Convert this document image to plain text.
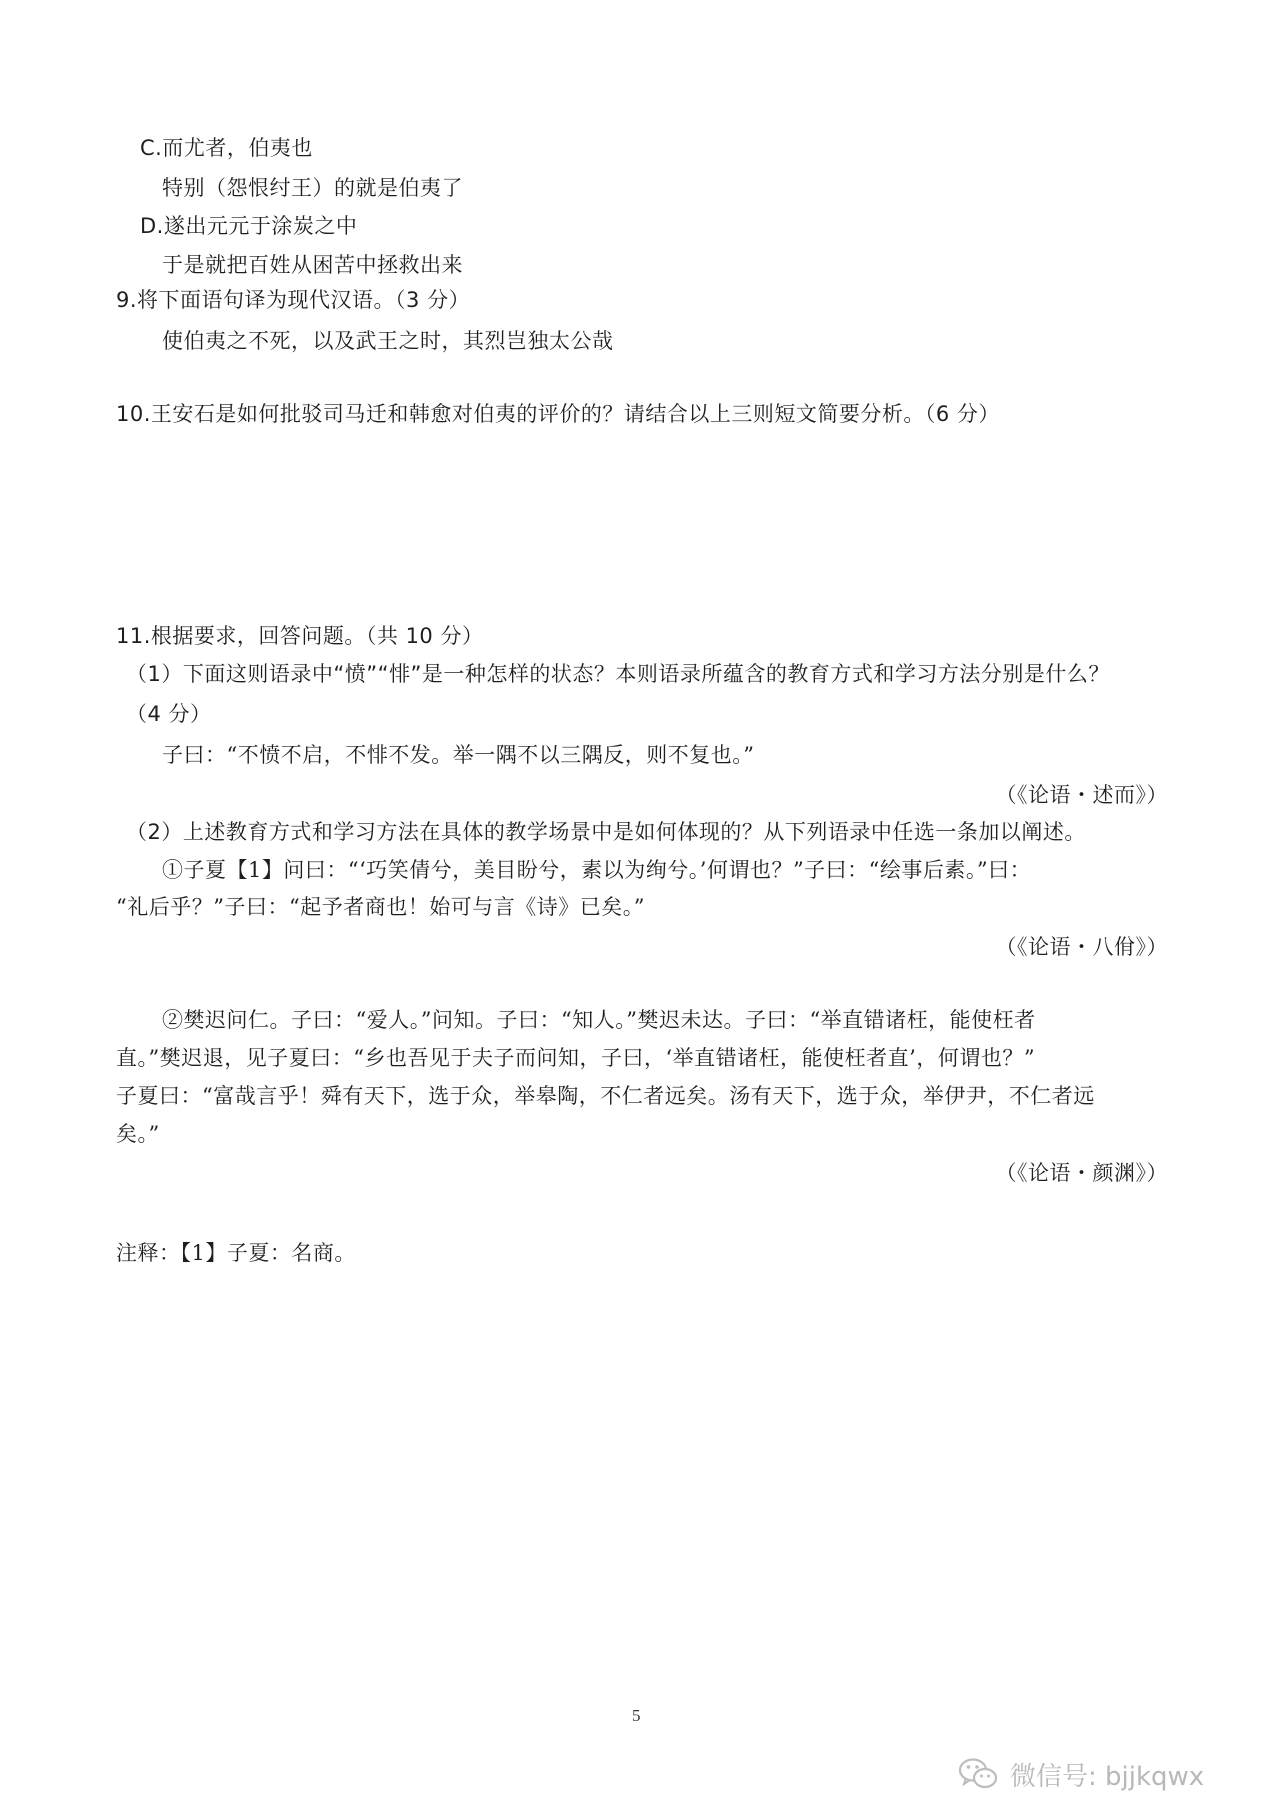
C.而尤者，伯夷也
特别（怨恨纣王）的就是伯夷了
D.遂出元元于涂炭之中
于是就把百姓从困苦中拯救出来
9.将下面语句译为现代汉语。（3 分）
使伯夷之不死，以及武王之时，其烈岂独太公哉
10.王安石是如何批驳司马迁和韩愈对伯夷的评价的？请结合以上三则短文简要分析。（6 分）
11.根据要求，回答问题。（共 10 分）
（1）下面这则语录中“愤”“悱”是一种怎样的状态？本则语录所蕴含的教育方式和学习方法分别是什么？
（4 分）
子曰：“不愤不启，不悱不发。举一隅不以三隅反，则不复也。”
（《论语・述而》）
（2）上述教育方式和学习方法在具体的教学场景中是如何体现的？从下列语录中任选一条加以阐述。
①子夏【1】问曰：“‘巧笑倩兮，美目盼兮，素以为绚兮。’何谓也？”子曰：“绘事后素。”曰：
“礼后乎？”子曰：“起予者商也！始可与言《诗》已矣。”
（《论语・八佾》）
②樊迟问仁。子曰：“爱人。”问知。子曰：“知人。”樊迟未达。子曰：“举直错诸枉，能使枉者
直。”樊迟退，见子夏曰：“乡也吾见于夫子而问知，子曰，‘举直错诸枉，能使枉者直’，何谓也？”
子夏曰：“富哉言乎！舜有天下，选于众，举皋陶，不仁者远矣。汤有天下，选于众，举伊尹，不仁者远
矣。”
（《论语・颜渊》）
注释：【1】子夏：名商。
5
微信号: bjjkqwx
